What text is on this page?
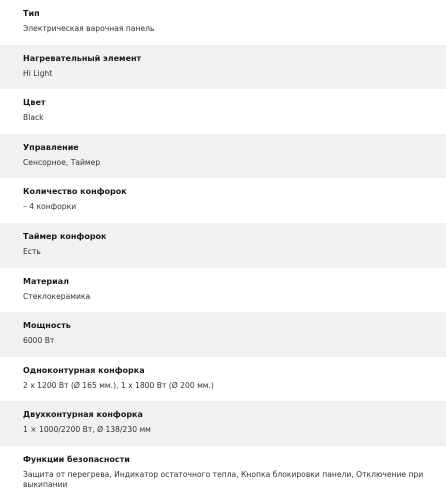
Тип
Электрическая варочная панель
Нагревательный элемент
Hi Light
Цвет
Black
Управление
Сенсорное, Таймер
Количество конфорок
– 4 конфорки
Таймер конфорок
Есть
Материал
Стеклокерамика
Мощность
6000 Вт
Одноконтурная конфорка
2 x 1200 Вт (Ø 165 мм.), 1 x 1800 Вт (Ø 200 мм.)
Двухконтурная конфорка
1 × 1000/2200 Вт, Ø 138/230 мм
Функции безопасности
Защита от перегрева, Индикатор остаточного тепла, Кнопка блокировки панели, Отключение при выкипании
